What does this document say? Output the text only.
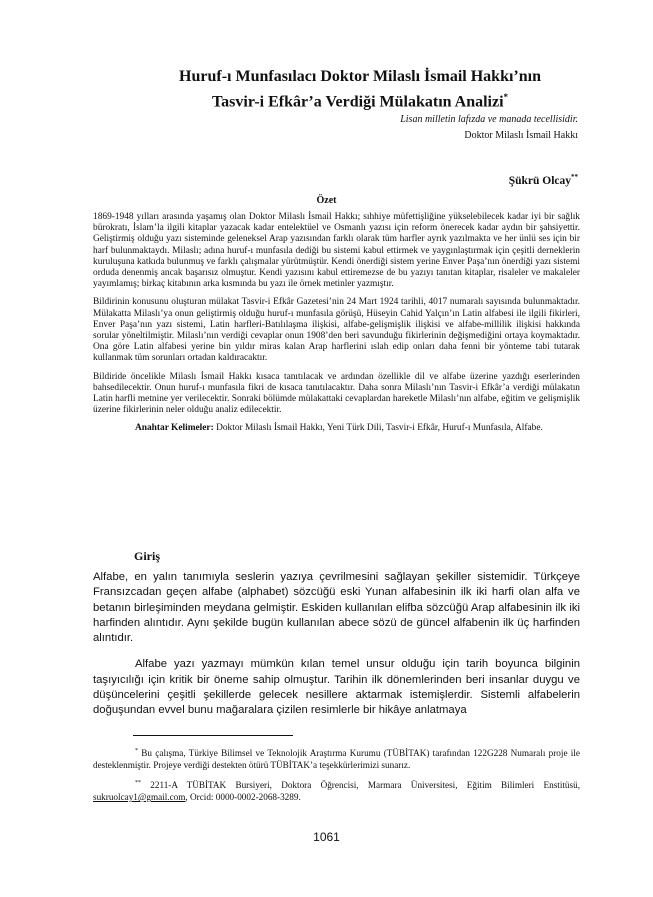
Huruf-ı Munfasılacı Doktor Milaslı İsmail Hakkı’nın
Tasvir-i Efkâr’a Verdiği Mülakatın Analizi*
Lisan milletin lafızda ve manada tecellisidir.
Doktor Milaslı İsmail Hakkı
Şükrü Olcay**
Özet

1869-1948 yılları arasında yaşamış olan Doktor Milaslı İsmail Hakkı; sıhhiye müfettişliğine yükselebilecek kadar iyi bir sağlık bürokratı, İslam’la ilgili kitaplar yazacak kadar entelektüel ve Osmanlı yazısı için reform önerecek kadar aydın bir şahsiyettir. Geliştirmiş olduğu yazı sisteminde geleneksel Arap yazısından farklı olarak tüm harfler ayrık yazılmakta ve her ünlü ses için bir harf bulunmaktaydı. Milaslı; adına huruf-ı munfasıla dediği bu sistemi kabul ettirmek ve yaygınlaştırmak için çeşitli derneklerin kuruluşuna katkıda bulunmuş ve farklı çalışmalar yürütmüştür. Kendi önerdiği sistem yerine Enver Paşa’nın önerdiği yazı sistemi orduda denenmiş ancak başarısız olmuştur. Kendi yazısını kabul ettiremezse de bu yazıyı tanıtan kitaplar, risaleler ve makaleler yayımlamış; birkaç kitabının arka kısmında bu yazı ile örnek metinler yazmıştır.

Bildirinin konusunu oluşturan mülakat Tasvir-i Efkâr Gazetesi’nin 24 Mart 1924 tarihli, 4017 numaralı sayısında bulunmaktadır. Mülakatta Milaslı’ya onun geliştirmiş olduğu huruf-ı munfasıla görüşü, Hüseyin Cahid Yalçın’ın Latin alfabesi ile ilgili fikirleri, Enver Paşa’nın yazı sistemi, Latin harfleri-Batılılaşma ilişkisi, alfabe-gelişmişlik ilişkisi ve alfabe-millilik ilişkisi hakkında sorular yöneltilmiştir. Milaslı’nın verdiği cevaplar onun 1908’den beri savunduğu fikirlerinin değişmediğini ortaya koymaktadır. Ona göre Latin alfabesi yerine bin yıldır miras kalan Arap harflerini ıslah edip onları daha fenni bir yönteme tabi tutarak kullanmak tüm sorunları ortadan kaldıracaktır.

Bildiride öncelikle Milaslı İsmail Hakkı kısaca tanıtılacak ve ardından özellikle dil ve alfabe üzerine yazdığı eserlerinden bahsedilecektir. Onun huruf-ı munfasıla fikri de kısaca tanıtılacaktır. Daha sonra Milaslı’nın Tasvir-i Efkâr’a verdiği mülakatın Latin harfli metnine yer verilecektir. Sonraki bölümde mülakattaki cevaplardan hareketle Milaslı’nın alfabe, eğitim ve gelişmişlik üzerine fikirlerinin neler olduğu analiz edilecektir.

Anahtar Kelimeler: Doktor Milaslı İsmail Hakkı, Yeni Türk Dili, Tasvir-i Efkâr, Huruf-ı Munfasıla, Alfabe.

Giriş

Alfabe, en yalın tanımıyla seslerin yazıya çevrilmesini sağlayan şekiller sistemidir. Türkçeye Fransızcadan geçen alfabe (alphabet) sözcüğü eski Yunan alfabesinin ilk iki harfi olan alfa ve betanın birleşiminden meydana gelmiştir. Eskiden kullanılan elifba sözcüğü Arap alfabesinin ilk iki harfinden alıntıdır. Aynı şekilde bugün kullanılan abece sözü de güncel alfabenin ilk üç harfinden alıntıdır.

Alfabe yazı yazmayı mümkün kılan temel unsur olduğu için tarih boyunca bilginin taşıyıcılığı için kritik bir öneme sahip olmuştur. Tarihin ilk dönemlerinden beri insanlar duygu ve düşüncelerini çeşitli şekillerde gelecek nesillere aktarmak istemişlerdir. Sistemli alfabelerin doğuşundan evvel bunu mağaralara çizilen resimlerle bir hikâye anlatmaya

* Bu çalışma, Türkiye Bilimsel ve Teknolojik Araştırma Kurumu (TÜBİTAK) tarafından 122G228 Numaralı proje ile desteklenmiştir. Projeye verdiği destekten ötürü TÜBİTAK’a teşekkürlerimizi sunarız.

** 2211-A TÜBİTAK Bursiyeri, Doktora Öğrencisi, Marmara Üniversitesi, Eğitim Bilimleri Enstitüsü, sukruolcay1@gmail.com, Orcid: 0000-0002-2068-3289.

1061
